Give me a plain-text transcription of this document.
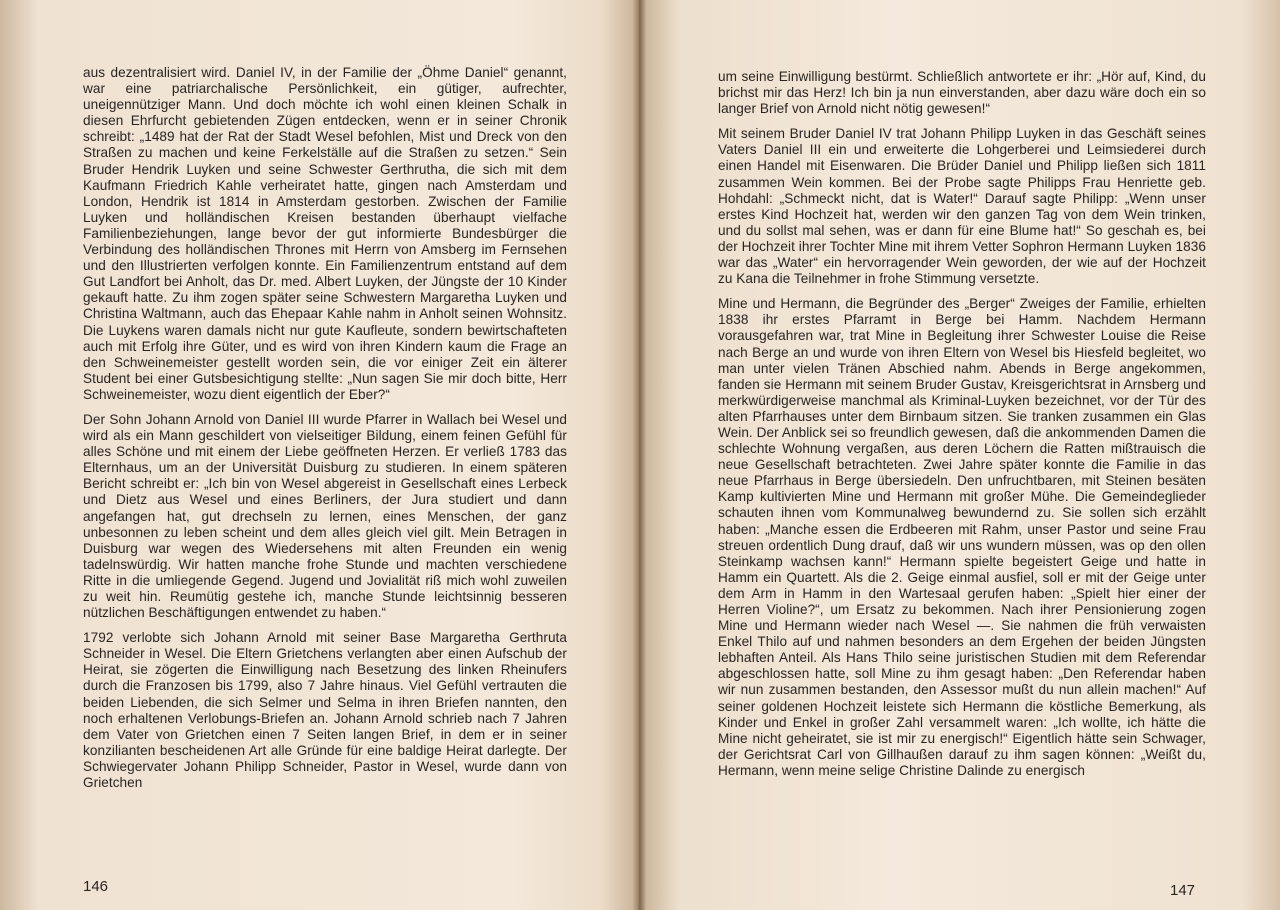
aus dezentralisiert wird. Daniel IV, in der Familie der „Öhme Daniel“ genannt, war eine patriarchalische Persönlichkeit, ein gütiger, aufrechter, uneigennütziger Mann. Und doch möchte ich wohl einen kleinen Schalk in diesen Ehrfurcht gebietenden Zügen entdecken, wenn er in seiner Chronik schreibt: „1489 hat der Rat der Stadt Wesel befohlen, Mist und Dreck von den Straßen zu machen und keine Ferkelställe auf die Straßen zu setzen.“ Sein Bruder Hendrik Luyken und seine Schwester Gerthrutha, die sich mit dem Kaufmann Friedrich Kahle verheiratet hatte, gingen nach Amsterdam und London, Hendrik ist 1814 in Amsterdam gestorben. Zwischen der Familie Luyken und holländischen Kreisen bestanden überhaupt vielfache Familienbeziehungen, lange bevor der gut informierte Bundesbürger die Verbindung des holländischen Thrones mit Herrn von Amsberg im Fernsehen und den Illustrierten verfolgen konnte. Ein Familienzentrum entstand auf dem Gut Landfort bei Anholt, das Dr. med. Albert Luyken, der Jüngste der 10 Kinder gekauft hatte. Zu ihm zogen später seine Schwestern Margaretha Luyken und Christina Waltmann, auch das Ehepaar Kahle nahm in Anholt seinen Wohnsitz. Die Luykens waren damals nicht nur gute Kaufleute, sondern bewirtschafteten auch mit Erfolg ihre Güter, und es wird von ihren Kindern kaum die Frage an den Schweinemeister gestellt worden sein, die vor einiger Zeit ein älterer Student bei einer Gutsbesichtigung stellte: „Nun sagen Sie mir doch bitte, Herr Schweinemeister, wozu dient eigentlich der Eber?“

Der Sohn Johann Arnold von Daniel III wurde Pfarrer in Wallach bei Wesel und wird als ein Mann geschildert von vielseitiger Bildung, einem feinen Gefühl für alles Schöne und mit einem der Liebe geöffneten Herzen. Er verließ 1783 das Elternhaus, um an der Universität Duisburg zu studieren. In einem späteren Bericht schreibt er: „Ich bin von Wesel abgereist in Gesellschaft eines Lerbeck und Dietz aus Wesel und eines Berliners, der Jura studiert und dann angefangen hat, gut drechseln zu lernen, eines Menschen, der ganz unbesonnen zu leben scheint und dem alles gleich viel gilt. Mein Betragen in Duisburg war wegen des Wiedersehens mit alten Freunden ein wenig tadelnswürdig. Wir hatten manche frohe Stunde und machten verschiedene Ritte in die umliegende Gegend. Jugend und Jovialität riß mich wohl zuweilen zu weit hin. Reumütig gestehe ich, manche Stunde leichtsinnig besseren nützlichen Beschäftigungen entwendet zu haben.“

1792 verlobte sich Johann Arnold mit seiner Base Margaretha Gerthruta Schneider in Wesel. Die Eltern Grietchens verlangten aber einen Aufschub der Heirat, sie zögerten die Einwilligung nach Besetzung des linken Rheinufers durch die Franzosen bis 1799, also 7 Jahre hinaus. Viel Gefühl vertrauten die beiden Liebenden, die sich Selmer und Selma in ihren Briefen nannten, den noch erhaltenen Verlobungs-Briefen an. Johann Arnold schrieb nach 7 Jahren dem Vater von Grietchen einen 7 Seiten langen Brief, in dem er in seiner konzilianten bescheidenen Art alle Gründe für eine baldige Heirat darlegte. Der Schwiegervater Johann Philipp Schneider, Pastor in Wesel, wurde dann von Grietchen

146

um seine Einwilligung bestürmt. Schließlich antwortete er ihr: „Hör auf, Kind, du brichst mir das Herz! Ich bin ja nun einverstanden, aber dazu wäre doch ein so langer Brief von Arnold nicht nötig gewesen!“

Mit seinem Bruder Daniel IV trat Johann Philipp Luyken in das Geschäft seines Vaters Daniel III ein und erweiterte die Lohgerberei und Leimsiederei durch einen Handel mit Eisenwaren. Die Brüder Daniel und Philipp ließen sich 1811 zusammen Wein kommen. Bei der Probe sagte Philipps Frau Henriette geb. Hohdahl: „Schmeckt nicht, dat is Water!“ Darauf sagte Philipp: „Wenn unser erstes Kind Hochzeit hat, werden wir den ganzen Tag von dem Wein trinken, und du sollst mal sehen, was er dann für eine Blume hat!“ So geschah es, bei der Hochzeit ihrer Tochter Mine mit ihrem Vetter Sophron Hermann Luyken 1836 war das „Water“ ein hervorragender Wein geworden, der wie auf der Hochzeit zu Kana die Teilnehmer in frohe Stimmung versetzte.

Mine und Hermann, die Begründer des „Berger“ Zweiges der Familie, erhielten 1838 ihr erstes Pfarramt in Berge bei Hamm. Nachdem Hermann vorausgefahren war, trat Mine in Begleitung ihrer Schwester Louise die Reise nach Berge an und wurde von ihren Eltern von Wesel bis Hiesfeld begleitet, wo man unter vielen Tränen Abschied nahm. Abends in Berge angekommen, fanden sie Hermann mit seinem Bruder Gustav, Kreisgerichtsrat in Arnsberg und merkwürdigerweise manchmal als Kriminal-Luyken bezeichnet, vor der Tür des alten Pfarrhauses unter dem Birnbaum sitzen. Sie tranken zusammen ein Glas Wein. Der Anblick sei so freundlich gewesen, daß die ankommenden Damen die schlechte Wohnung vergaßen, aus deren Löchern die Ratten mißtrauisch die neue Gesellschaft betrachteten. Zwei Jahre später konnte die Familie in das neue Pfarrhaus in Berge übersiedeln. Den unfruchtbaren, mit Steinen besäten Kamp kultivierten Mine und Hermann mit großer Mühe. Die Gemeindeglieder schauten ihnen vom Kommunalweg bewundernd zu. Sie sollen sich erzählt haben: „Manche essen die Erdbeeren mit Rahm, unser Pastor und seine Frau streuen ordentlich Dung drauf, daß wir uns wundern müssen, was op den ollen Steinkamp wachsen kann!“ Hermann spielte begeistert Geige und hatte in Hamm ein Quartett. Als die 2. Geige einmal ausfiel, soll er mit der Geige unter dem Arm in Hamm in den Wartesaal gerufen haben: „Spielt hier einer der Herren Violine?“, um Ersatz zu bekommen. Nach ihrer Pensionierung zogen Mine und Hermann wieder nach Wesel —. Sie nahmen die früh verwaisten Enkel Thilo auf und nahmen besonders an dem Ergehen der beiden Jüngsten lebhaften Anteil. Als Hans Thilo seine juristischen Studien mit dem Referendar abgeschlossen hatte, soll Mine zu ihm gesagt haben: „Den Referendar haben wir nun zusammen bestanden, den Assessor mußt du nun allein machen!“ Auf seiner goldenen Hochzeit leistete sich Hermann die köstliche Bemerkung, als Kinder und Enkel in großer Zahl versammelt waren: „Ich wollte, ich hätte die Mine nicht geheiratet, sie ist mir zu energisch!“ Eigentlich hätte sein Schwager, der Gerichtsrat Carl von Gillhaußen darauf zu ihm sagen können: „Weißt du, Hermann, wenn meine selige Christine Dalinde zu energisch

147
